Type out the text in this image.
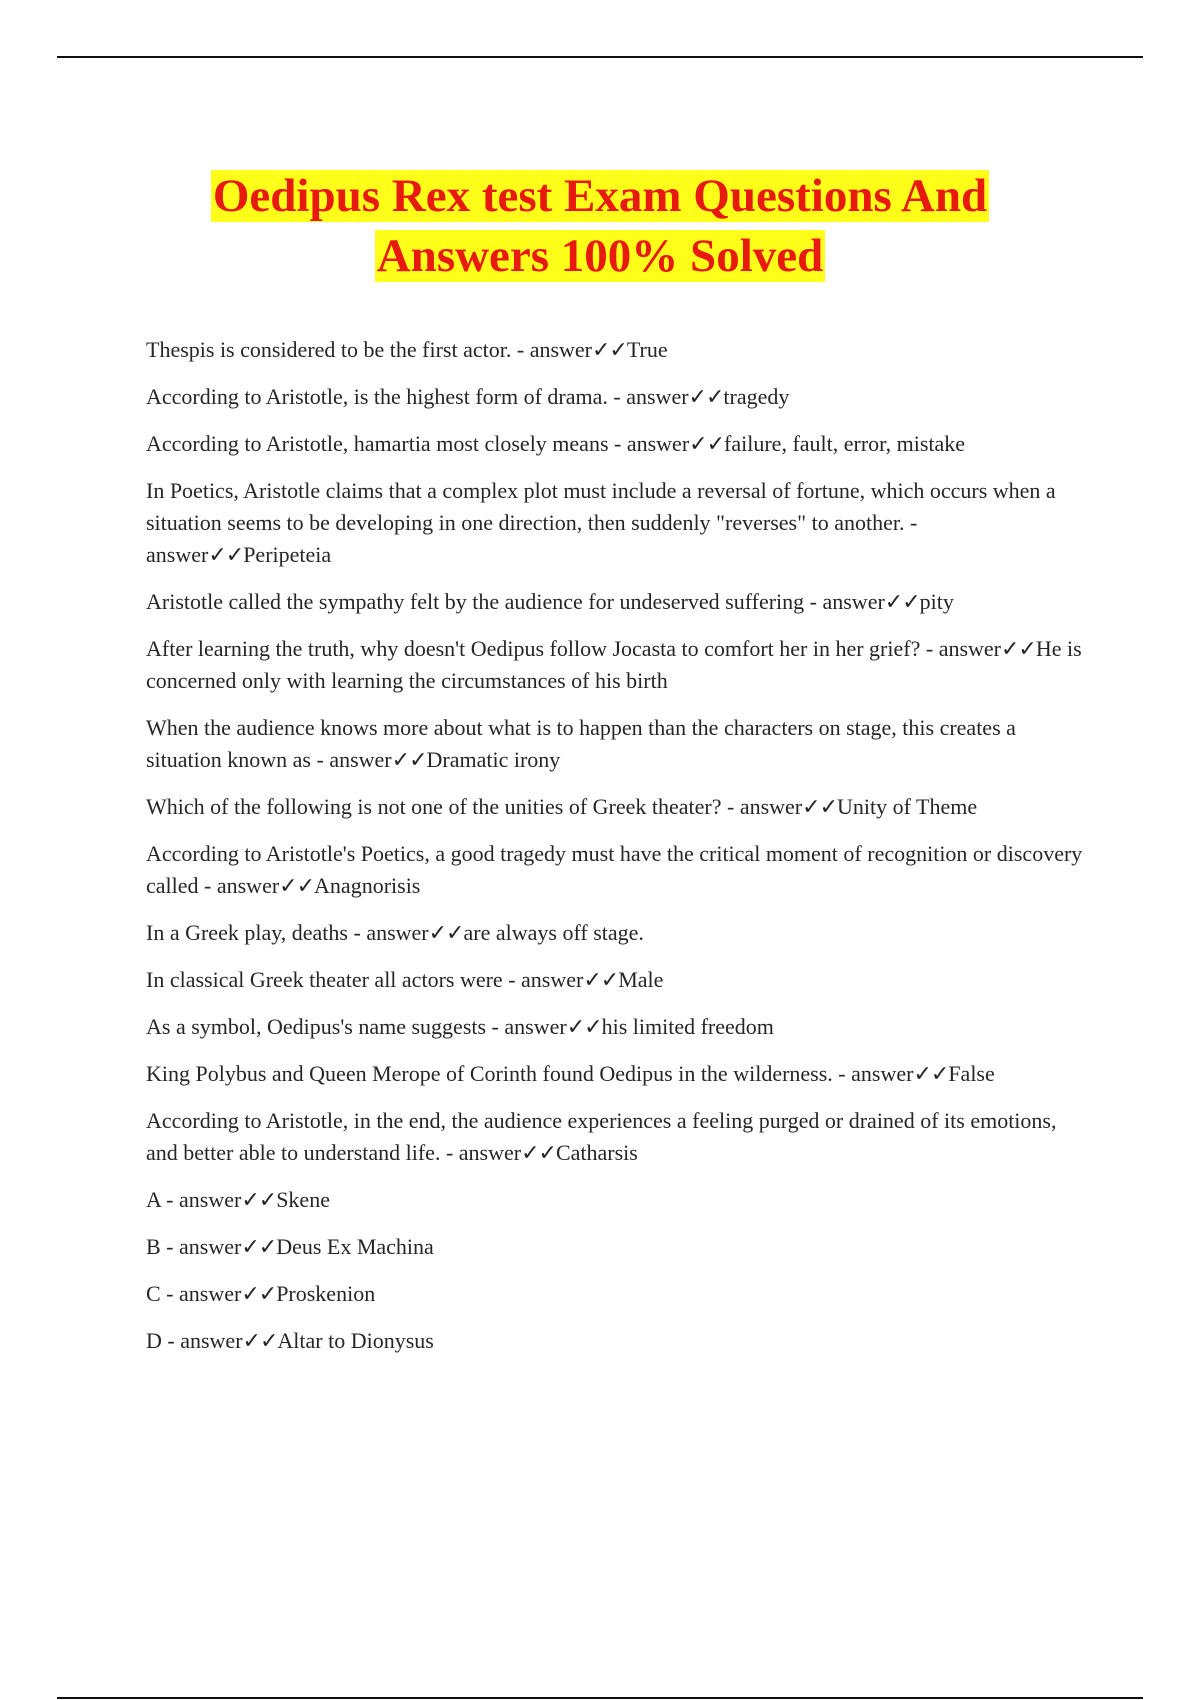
Oedipus Rex test Exam Questions And
Answers 100% Solved

Thespis is considered to be the first actor. - answer✓✓True

According to Aristotle, is the highest form of drama. - answer✓✓tragedy

According to Aristotle, hamartia most closely means - answer✓✓failure, fault, error, mistake

In Poetics, Aristotle claims that a complex plot must include a reversal of fortune, which occurs when a situation seems to be developing in one direction, then suddenly "reverses" to another. - answer✓✓Peripeteia

Aristotle called the sympathy felt by the audience for undeserved suffering - answer✓✓pity

After learning the truth, why doesn't Oedipus follow Jocasta to comfort her in her grief? - answer✓✓He is concerned only with learning the circumstances of his birth

When the audience knows more about what is to happen than the characters on stage, this creates a situation known as - answer✓✓Dramatic irony

Which of the following is not one of the unities of Greek theater? - answer✓✓Unity of Theme

According to Aristotle's Poetics, a good tragedy must have the critical moment of recognition or discovery called - answer✓✓Anagnorisis

In a Greek play, deaths - answer✓✓are always off stage.

In classical Greek theater all actors were - answer✓✓Male

As a symbol, Oedipus's name suggests - answer✓✓his limited freedom

King Polybus and Queen Merope of Corinth found Oedipus in the wilderness. - answer✓✓False

According to Aristotle, in the end, the audience experiences a feeling purged or drained of its emotions, and better able to understand life. - answer✓✓Catharsis

A - answer✓✓Skene

B - answer✓✓Deus Ex Machina

C - answer✓✓Proskenion

D - answer✓✓Altar to Dionysus
